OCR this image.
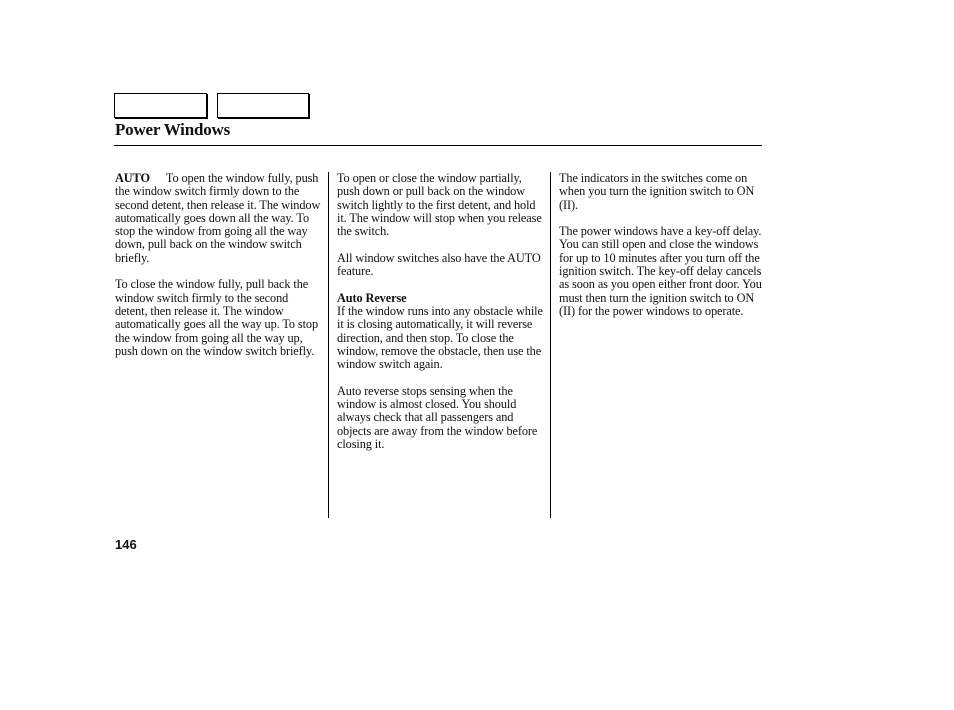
Power Windows

AUTO To open the window fully, push the window switch firmly down to the second detent, then release it. The window automatically goes down all the way. To stop the window from going all the way down, pull back on the window switch briefly.

To close the window fully, pull back the window switch firmly to the second detent, then release it. The window automatically goes all the way up. To stop the window from going all the way up, push down on the window switch briefly.

To open or close the window partially, push down or pull back on the window switch lightly to the first detent, and hold it. The window will stop when you release the switch.

All window switches also have the AUTO feature.

Auto Reverse
If the window runs into any obstacle while it is closing automatically, it will reverse direction, and then stop. To close the window, remove the obstacle, then use the window switch again.

Auto reverse stops sensing when the window is almost closed. You should always check that all passengers and objects are away from the window before closing it.

The indicators in the switches come on when you turn the ignition switch to ON (II).

The power windows have a key-off delay. You can still open and close the windows for up to 10 minutes after you turn off the ignition switch. The key-off delay cancels as soon as you open either front door. You must then turn the ignition switch to ON (II) for the power windows to operate.

146
